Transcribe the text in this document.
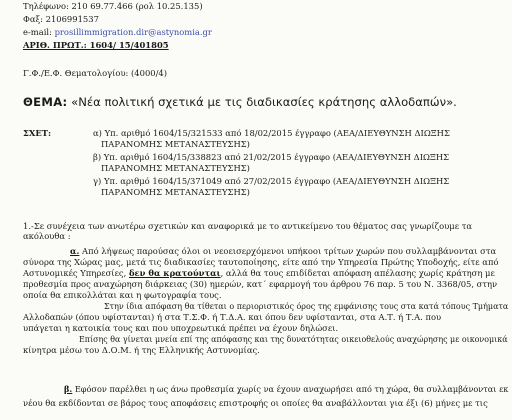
Τηλέφωνο: 210 69.77.466 (ρολ 10.25.135)

Φαξ: 2106991537

e-mail: prosillimmigration.dir@astynomia.gr

ΑΡΙΘ. ΠΡΩΤ.: 1604/ 15/401805

Γ.Φ./Ε.Φ. Θεματολογίου: (4000/4)

ΘΕΜΑ: «Νέα πολιτική σχετικά με τις διαδικασίες κράτησης αλλοδαπών».

ΣΧΕΤ:	α) Υπ. αριθμό 1604/15/321533 από 18/02/2015 έγγραφο (ΑΕΑ/ΔΙΕΥΘΥΝΣΗ ΔΙΩΞΗΣ

ΠΑΡΑΝΟΜΗΣ ΜΕΤΑΝΑΣΤΕΥΣΗΣ)

β) Υπ. αριθμό 1604/15/338823 από 21/02/2015 έγγραφο (ΑΕΑ/ΔΙΕΥΘΥΝΣΗ ΔΙΩΞΗΣ

ΠΑΡΑΝΟΜΗΣ ΜΕΤΑΝΑΣΤΕΥΣΗΣ)

γ) Υπ. αριθμό 1604/15/371049 από 27/02/2015 έγγραφο (ΑΕΑ/ΔΙΕΥΘΥΝΣΗ ΔΙΩΞΗΣ

ΠΑΡΑΝΟΜΗΣ ΜΕΤΑΝΑΣΤΕΥΣΗΣ)

1.-Σε συνέχεια των ανωτέρω σχετικών και αναφορικά με το αντικείμενο του θέματος σας γνωρίζουμε τα

ακόλουθα :

α. Από λήψεως παρούσας όλοι οι νεοεισερχόμενοι υπήκοοι τρίτων χωρών που συλλαμβάνονται στα

σύνορα της Χώρας μας, μετά τις διαδικασίες ταυτοποίησης, είτε από την Υπηρεσία Πρώτης Υποδοχής, είτε από

Αστυνομικές Υπηρεσίες, δεν θα κρατούνται, αλλά θα τους επιδίδεται απόφαση απέλασης χωρίς κράτηση με

προθεσμία προς αναχώρηση διάρκειας (30) ημερών, κατ΄ εφαρμογή του άρθρου 76 παρ. 5 του Ν. 3368/05, στην

οποία θα επικολλάται και η φωτογραφία τους.

Στην ίδια απόφαση θα τίθεται ο περιοριστικός όρος της εμφάνισης τους στα κατά τόπους Τμήματα

Αλλοδαπών (όπου υφίστανται) ή στα Τ.Σ.Φ. ή Τ.Δ.Α. και όπου δεν υφίστανται, στα Α.Τ. ή Τ.Α. που

υπάγεται η κατοικία τους και που υποχρεωτικά πρέπει να έχουν δηλώσει.

Επίσης θα γίνεται μνεία επί της απόφασης και της δυνατότητας οικειοθελούς αναχώρησης με οικονομικά

κίνητρα μέσω του Δ.Ο.Μ. ή της Ελληνικής Αστυνομίας.

β. Εφόσον παρέλθει η ως άνω προθεσμία χωρίς να έχουν αναχωρήσει από τη χώρα, θα συλλαμβάνονται εκ

νέου θα εκδίδονται σε βάρος τους αποφάσεις επιστροφής οι οποίες θα αναβάλλονται για έξι (6) μήνες με τις
